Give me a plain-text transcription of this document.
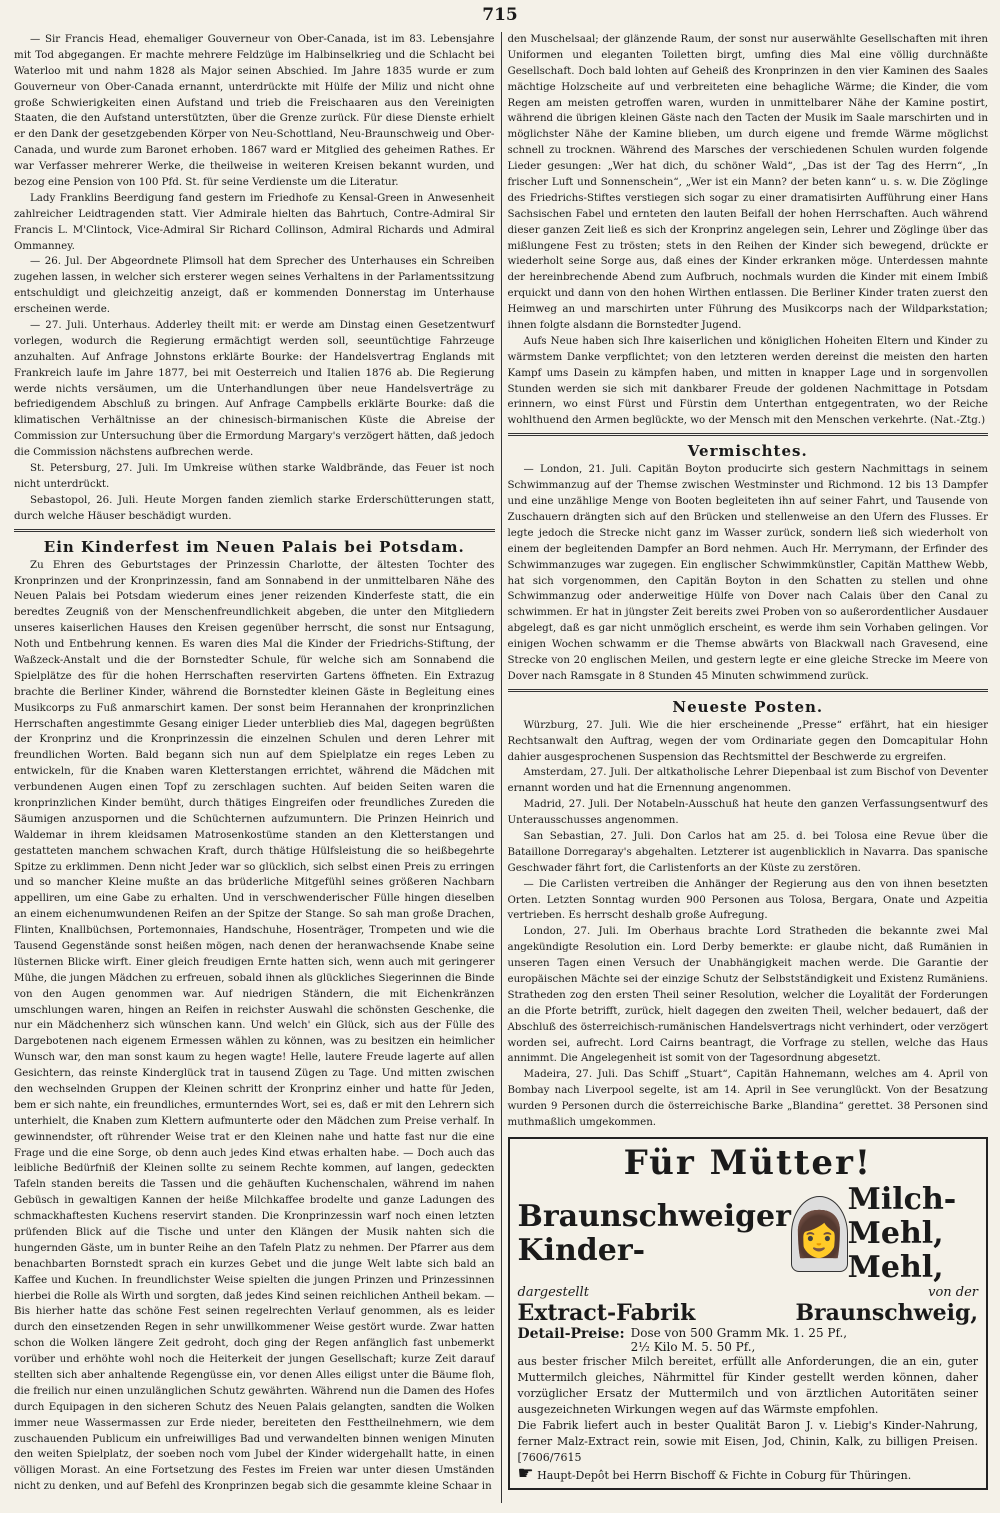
715

— Sir Francis Head, ehemaliger Gouverneur von Ober-Canada, ist im 83. Lebensjahre mit Tod abgegangen. Er machte mehrere Feldzüge im Halbinselkrieg und die Schlacht bei Waterloo mit und nahm 1828 als Major seinen Abschied. Im Jahre 1835 wurde er zum Gouverneur von Ober-Canada ernannt, unterdrückte mit Hülfe der Miliz und nicht ohne große Schwierigkeiten einen Aufstand und trieb die Freischaaren aus den Vereinigten Staaten, die den Aufstand unterstützten, über die Grenze zurück. Für diese Dienste erhielt er den Dank der gesetzgebenden Körper von Neu-Schottland, Neu-Braunschweig und Ober-Canada, und wurde zum Baronet erhoben. 1867 ward er Mitglied des geheimen Rathes. Er war Verfasser mehrerer Werke, die theilweise in weiteren Kreisen bekannt wurden, und bezog eine Pension von 100 Pfd. St. für seine Verdienste um die Literatur.

Lady Franklins Beerdigung fand gestern im Friedhofe zu Kensal-Green in Anwesenheit zahlreicher Leidtragenden statt. Vier Admirale hielten das Bahrtuch, Contre-Admiral Sir Francis L. M'Clintock, Vice-Admiral Sir Richard Collinson, Admiral Richards und Admiral Ommanney.

— 26. Jul. Der Abgeordnete Plimsoll hat dem Sprecher des Unterhauses ein Schreiben zugehen lassen, in welcher sich ersterer wegen seines Verhaltens in der Parlamentssitzung entschuldigt und gleichzeitig anzeigt, daß er kommenden Donnerstag im Unterhause erscheinen werde.

— 27. Juli. Unterhaus. Adderley theilt mit: er werde am Dinstag einen Gesetzentwurf vorlegen, wodurch die Regierung ermächtigt werden soll, seeuntüchtige Fahrzeuge anzuhalten. Auf Anfrage Johnstons erklärte Bourke: der Handelsvertrag Englands mit Frankreich laufe im Jahre 1877, bei mit Oesterreich und Italien 1876 ab. Die Regierung werde nichts versäumen, um die Unterhandlungen über neue Handelsverträge zu befriedigendem Abschluß zu bringen. Auf Anfrage Campbells erklärte Bourke: daß die klimatischen Verhältnisse an der chinesisch-birmanischen Küste die Abreise der Commission zur Untersuchung über die Ermordung Margary's verzögert hätten, daß jedoch die Commission nächstens aufbrechen werde.

St. Petersburg, 27. Juli. Im Umkreise wüthen starke Waldbrände, das Feuer ist noch nicht unterdrückt.

Sebastopol, 26. Juli. Heute Morgen fanden ziemlich starke Erderschütterungen statt, durch welche Häuser beschädigt wurden.

Ein Kinderfest im Neuen Palais bei Potsdam.

Zu Ehren des Geburtstages der Prinzessin Charlotte, der ältesten Tochter des Kronprinzen und der Kronprinzessin, fand am Sonnabend in der unmittelbaren Nähe des Neuen Palais bei Potsdam wiederum eines jener reizenden Kinderfeste statt, die ein beredtes Zeugniß von der Menschenfreundlichkeit abgeben, die unter den Mitgliedern unseres kaiserlichen Hauses den Kreisen gegenüber herrscht, die sonst nur Entsagung, Noth und Entbehrung kennen. Es waren dies Mal die Kinder der Friedrichs-Stiftung, der Waßzeck-Anstalt und die der Bornstedter Schule, für welche sich am Sonnabend die Spielplätze des für die hohen Herrschaften reservirten Gartens öffneten. Ein Extrazug brachte die Berliner Kinder, während die Bornstedter kleinen Gäste in Begleitung eines Musikcorps zu Fuß anmarschirt kamen. Der sonst beim Herannahen der kronprinzlichen Herrschaften angestimmte Gesang einiger Lieder unterblieb dies Mal, dagegen begrüßten der Kronprinz und die Kronprinzessin die einzelnen Schulen und deren Lehrer mit freundlichen Worten. Bald begann sich nun auf dem Spielplatze ein reges Leben zu entwickeln, für die Knaben waren Kletterstangen errichtet, während die Mädchen mit verbundenen Augen einen Topf zu zerschlagen suchten. Auf beiden Seiten waren die kronprinzlichen Kinder bemüht, durch thätiges Eingreifen oder freundliches Zureden die Säumigen anzuspornen und die Schüchternen aufzumuntern. Die Prinzen Heinrich und Waldemar in ihrem kleidsamen Matrosenkostüme standen an den Kletterstangen und gestatteten manchem schwachen Kraft, durch thätige Hülfsleistung die so heißbegehrte Spitze zu erklimmen. Denn nicht Jeder war so glücklich, sich selbst einen Preis zu erringen und so mancher Kleine mußte an das brüderliche Mitgefühl seines größeren Nachbarn appelliren, um eine Gabe zu erhalten. Und in verschwenderischer Fülle hingen dieselben an einem eichenumwundenen Reifen an der Spitze der Stange. So sah man große Drachen, Flinten, Knallbüchsen, Portemonnaies, Handschuhe, Hosenträger, Trompeten und wie die Tausend Gegenstände sonst heißen mögen, nach denen der heranwachsende Knabe seine lüsternen Blicke wirft. Einer gleich freudigen Ernte hatten sich, wenn auch mit geringerer Mühe, die jungen Mädchen zu erfreuen, sobald ihnen als glückliches Siegerinnen die Binde von den Augen genommen war. Auf niedrigen Ständern, die mit Eichenkränzen umschlungen waren, hingen an Reifen in reichster Auswahl die schönsten Geschenke, die nur ein Mädchenherz sich wünschen kann. Und welch' ein Glück, sich aus der Fülle des Dargebotenen nach eigenem Ermessen wählen zu können, was zu besitzen ein heimlicher Wunsch war, den man sonst kaum zu hegen wagte! Helle, lautere Freude lagerte auf allen Gesichtern, das reinste Kinderglück trat in tausend Zügen zu Tage. Und mitten zwischen den wechselnden Gruppen der Kleinen schritt der Kronprinz einher und hatte für Jeden, bem er sich nahte, ein freundliches, ermunterndes Wort, sei es, daß er mit den Lehrern sich unterhielt, die Knaben zum Klettern aufmunterte oder den Mädchen zum Preise verhalf. In gewinnendster, oft rührender Weise trat er den Kleinen nahe und hatte fast nur die eine Frage und die eine Sorge, ob denn auch jedes Kind etwas erhalten habe. — Doch auch das leibliche Bedürfniß der Kleinen sollte zu seinem Rechte kommen, auf langen, gedeckten Tafeln standen bereits die Tassen und die gehäuften Kuchenschalen, während im nahen Gebüsch in gewaltigen Kannen der heiße Milchkaffee brodelte und ganze Ladungen des schmackhaftesten Kuchens reservirt standen. Die Kronprinzessin warf noch einen letzten prüfenden Blick auf die Tische und unter den Klängen der Musik nahten sich die hungernden Gäste, um in bunter Reihe an den Tafeln Platz zu nehmen. Der Pfarrer aus dem benachbarten Bornstedt sprach ein kurzes Gebet und die junge Welt labte sich bald an Kaffee und Kuchen. In freundlichster Weise spielten die jungen Prinzen und Prinzessinnen hierbei die Rolle als Wirth und sorgten, daß jedes Kind seinen reichlichen Antheil bekam. — Bis hierher hatte das schöne Fest seinen regelrechten Verlauf genommen, als es leider durch den einsetzenden Regen in sehr unwillkommener Weise gestört wurde. Zwar hatten schon die Wolken längere Zeit gedroht, doch ging der Regen anfänglich fast unbemerkt vorüber und erhöhte wohl noch die Heiterkeit der jungen Gesellschaft; kurze Zeit darauf stellten sich aber anhaltende Regengüsse ein, vor denen Alles eiligst unter die Bäume floh, die freilich nur einen unzulänglichen Schutz gewährten. Während nun die Damen des Hofes durch Equipagen in den sicheren Schutz des Neuen Palais gelangten, sandten die Wolken immer neue Wassermassen zur Erde nieder, bereiteten den Festtheilnehmern, wie dem zuschauenden Publicum ein unfreiwilliges Bad und verwandelten binnen wenigen Minuten den weiten Spielplatz, der soeben noch vom Jubel der Kinder widergehallt hatte, in einen völligen Morast. An eine Fortsetzung des Festes im Freien war unter diesen Umständen nicht zu denken, und auf Befehl des Kronprinzen begab sich die gesammte kleine Schaar in

den Muschelsaal; der glänzende Raum, der sonst nur auserwählte Gesellschaften mit ihren Uniformen und eleganten Toiletten birgt, umfing dies Mal eine völlig durchnäßte Gesellschaft. Doch bald lohten auf Geheiß des Kronprinzen in den vier Kaminen des Saales mächtige Holzscheite auf und verbreiteten eine behagliche Wärme; die Kinder, die vom Regen am meisten getroffen waren, wurden in unmittelbarer Nähe der Kamine postirt, während die übrigen kleinen Gäste nach den Tacten der Musik im Saale marschirten und in möglichster Nähe der Kamine blieben, um durch eigene und fremde Wärme möglichst schnell zu trocknen. Während des Marsches der verschiedenen Schulen wurden folgende Lieder gesungen: „Wer hat dich, du schöner Wald“, „Das ist der Tag des Herrn“, „In frischer Luft und Sonnenschein“, „Wer ist ein Mann? der beten kann“ u. s. w. Die Zöglinge des Friedrichs-Stiftes verstiegen sich sogar zu einer dramatisirten Aufführung einer Hans Sachsischen Fabel und ernteten den lauten Beifall der hohen Herrschaften. Auch während dieser ganzen Zeit ließ es sich der Kronprinz angelegen sein, Lehrer und Zöglinge über das mißlungene Fest zu trösten; stets in den Reihen der Kinder sich bewegend, drückte er wiederholt seine Sorge aus, daß eines der Kinder erkranken möge. Unterdessen mahnte der hereinbrechende Abend zum Aufbruch, nochmals wurden die Kinder mit einem Imbiß erquickt und dann von den hohen Wirthen entlassen. Die Berliner Kinder traten zuerst den Heimweg an und marschirten unter Führung des Musikcorps nach der Wildparkstation; ihnen folgte alsdann die Bornstedter Jugend.

Aufs Neue haben sich Ihre kaiserlichen und königlichen Hoheiten Eltern und Kinder zu wärmstem Danke verpflichtet; von den letzteren werden dereinst die meisten den harten Kampf ums Dasein zu kämpfen haben, und mitten in knapper Lage und in sorgenvollen Stunden werden sie sich mit dankbarer Freude der goldenen Nachmittage in Potsdam erinnern, wo einst Fürst und Fürstin dem Unterthan entgegentraten, wo der Reiche wohlthuend den Armen beglückte, wo der Mensch mit den Menschen verkehrte. (Nat.-Ztg.)

Vermischtes.

— London, 21. Juli. Capitän Boyton producirte sich gestern Nachmittags in seinem Schwimmanzug auf der Themse zwischen Westminster und Richmond. 12 bis 13 Dampfer und eine unzählige Menge von Booten begleiteten ihn auf seiner Fahrt, und Tausende von Zuschauern drängten sich auf den Brücken und stellenweise an den Ufern des Flusses. Er legte jedoch die Strecke nicht ganz im Wasser zurück, sondern ließ sich wiederholt von einem der begleitenden Dampfer an Bord nehmen. Auch Hr. Merrymann, der Erfinder des Schwimmanzuges war zugegen. Ein englischer Schwimmkünstler, Capitän Matthew Webb, hat sich vorgenommen, den Capitän Boyton in den Schatten zu stellen und ohne Schwimmanzug oder anderweitige Hülfe von Dover nach Calais über den Canal zu schwimmen. Er hat in jüngster Zeit bereits zwei Proben von so außerordentlicher Ausdauer abgelegt, daß es gar nicht unmöglich erscheint, es werde ihm sein Vorhaben gelingen. Vor einigen Wochen schwamm er die Themse abwärts von Blackwall nach Gravesend, eine Strecke von 20 englischen Meilen, und gestern legte er eine gleiche Strecke im Meere von Dover nach Ramsgate in 8 Stunden 45 Minuten schwimmend zurück.

Neueste Posten.

Würzburg, 27. Juli. Wie die hier erscheinende „Presse“ erfährt, hat ein hiesiger Rechtsanwalt den Auftrag, wegen der vom Ordinariate gegen den Domcapitular Hohn dahier ausgesprochenen Suspension das Rechtsmittel der Beschwerde zu ergreifen.

Amsterdam, 27. Juli. Der altkatholische Lehrer Diepenbaal ist zum Bischof von Deventer ernannt worden und hat die Ernennung angenommen.

Madrid, 27. Juli. Der Notabeln-Ausschuß hat heute den ganzen Verfassungsentwurf des Unterausschusses angenommen.

San Sebastian, 27. Juli. Don Carlos hat am 25. d. bei Tolosa eine Revue über die Bataillone Dorregaray's abgehalten. Letzterer ist augenblicklich in Navarra. Das spanische Geschwader fährt fort, die Carlistenforts an der Küste zu zerstören.

— Die Carlisten vertreiben die Anhänger der Regierung aus den von ihnen besetzten Orten. Letzten Sonntag wurden 900 Personen aus Tolosa, Bergara, Onate und Azpeitia vertrieben. Es herrscht deshalb große Aufregung.

London, 27. Juli. Im Oberhaus brachte Lord Stratheden die bekannte zwei Mal angekündigte Resolution ein. Lord Derby bemerkte: er glaube nicht, daß Rumänien in unseren Tagen einen Versuch der Unabhängigkeit machen werde. Die Garantie der europäischen Mächte sei der einzige Schutz der Selbstständigkeit und Existenz Rumäniens. Stratheden zog den ersten Theil seiner Resolution, welcher die Loyalität der Forderungen an die Pforte betrifft, zurück, hielt dagegen den zweiten Theil, welcher bedauert, daß der Abschluß des österreichisch-rumänischen Handelsvertrags nicht verhindert, oder verzögert worden sei, aufrecht. Lord Cairns beantragt, die Vorfrage zu stellen, welche das Haus annimmt. Die Angelegenheit ist somit von der Tagesordnung abgesetzt.

Madeira, 27. Juli. Das Schiff „Stuart“, Capitän Hahnemann, welches am 4. April von Bombay nach Liverpool segelte, ist am 14. April in See verunglückt. Von der Besatzung wurden 9 Personen durch die österreichische Barke „Blandina“ gerettet. 38 Personen sind muthmaßlich umgekommen.

Für Mütter!
Braunschweiger Kinder-	👩
Milch-Mehl, Mehl,
dargestellt	von der
Extract-Fabrik	Braunschweig,
Detail-Preise: Dose von 500 Gramm Mk. 1. 25 Pf.,
2½ Kilo M. 5. 50 Pf.,
aus bester frischer Milch bereitet, erfüllt alle Anforderungen, die an ein, guter Muttermilch gleiches, Nährmittel für Kinder gestellt werden können, daher vorzüglicher Ersatz der Muttermilch und von ärztlichen Autoritäten seiner ausgezeichneten Wirkungen wegen auf das Wärmste empfohlen.
Die Fabrik liefert auch in bester Qualität Baron J. v. Liebig's Kinder-Nahrung, ferner Malz-Extract rein, sowie mit Eisen, Jod, Chinin, Kalk, zu billigen Preisen. [7606/7615
☛ Haupt-Depôt bei Herrn Bischoff & Fichte in Coburg für Thüringen.
